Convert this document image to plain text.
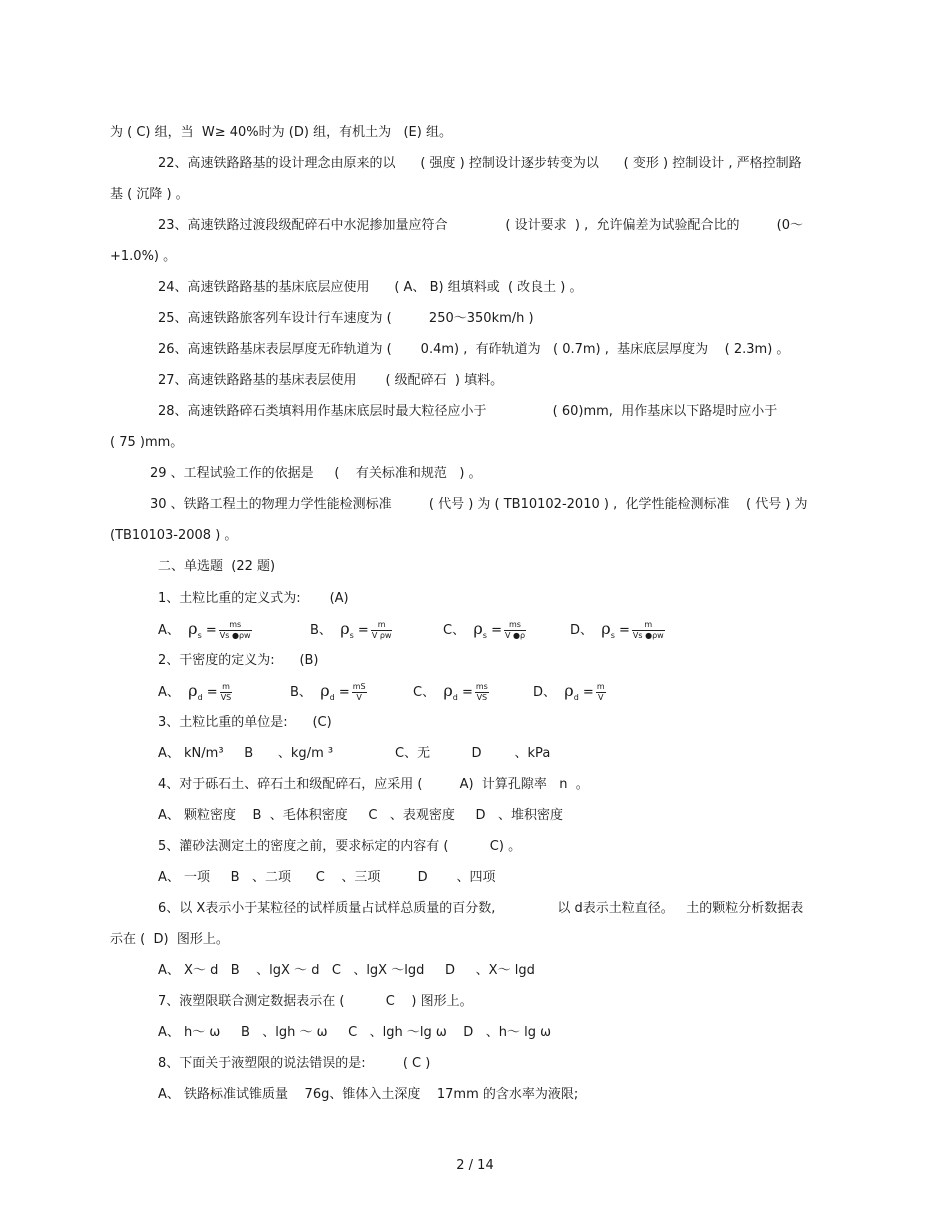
为 ( C) 组，当  W≥ 40%时为 (D) 组，有机土为   (E) 组。
22、高速铁路路基的设计理念由原来的以      ( 强度 ) 控制设计逐步转变为以      ( 变形 ) 控制设计 , 严格控制路
基 ( 沉降 ) 。
23、高速铁路过渡段级配碎石中水泥掺加量应符合              ( 设计要求  ) ,  允许偏差为试验配合比的         (0～
+1.0%) 。
24、高速铁路路基的基床底层应使用      ( A、 B) 组填料或  ( 改良土 ) 。
25、高速铁路旅客列车设计行车速度为 (         250～350km/h )
26、高速铁路基床表层厚度无砟轨道为 (       0.4m) ,  有砟轨道为   ( 0.7m) ,  基床底层厚度为    ( 2.3m) 。
27、高速铁路路基的基床表层使用       ( 级配碎石  ) 填料。
28、高速铁路碎石类填料用作基床底层时最大粒径应小于                ( 60)mm,  用作基床以下路堤时应小于
( 75 )mm。
29 、工程试验工作的依据是     (    有关标准和规范   ) 。
30 、铁路工程土的物理力学性能检测标准         ( 代号 ) 为 ( TB10102-2010 ) ,  化学性能检测标准    ( 代号 ) 为
(TB10103-2008 ) 。
二、单选题  (22 题)
1、土粒比重的定义式为:       (A)
A、 $\rho_s = \frac{ms}{Vs ●\rho w}$	B、 $\rho_s = \frac{m}{\text{V ρw}}$	C、 $\rho_s = \frac{ms}{V ●\rho}$	D、 $\rho_s = \frac{m}{Vs ●\rho w}$
2、干密度的定义为:      (B)
A、 $\rho_d = \frac{m}{VS}$	B、 $\rho_d = \frac{mS}{V}$	C、 $\rho_d = \frac{ms}{VS}$	D、 $\rho_d = \frac{m}{V}$
3、土粒比重的单位是:      (C)
A、 kN/m³     B      、kg/m ³               C、无          D        、kPa
4、对于砾石土、碎石土和级配碎石，应采用 (         A)  计算孔隙率   n  。
A、 颗粒密度    B  、毛体积密度     C   、表观密度     D   、堆积密度
5、灌砂法测定土的密度之前，要求标定的内容有 (          C) 。
A、 一项     B   、二项      C    、三项         D       、四项
6、以 X表示小于某粒径的试样质量占试样总质量的百分数,               以 d表示土粒直径。   土的颗粒分析数据表
示在 (  D)  图形上。
A、 X～ d   B    、lgX ～ d   C   、lgX ～lgd     D     、X～ lgd
7、液塑限联合测定数据表示在 (          C    ) 图形上。
A、 h～ ω     B   、lgh ～ ω     C   、lgh ～lg ω    D   、h～ lg ω
8、下面关于液塑限的说法错误的是:         ( C )
A、 铁路标准试锥质量    76g、锥体入土深度    17mm 的含水率为液限;
2 / 14
